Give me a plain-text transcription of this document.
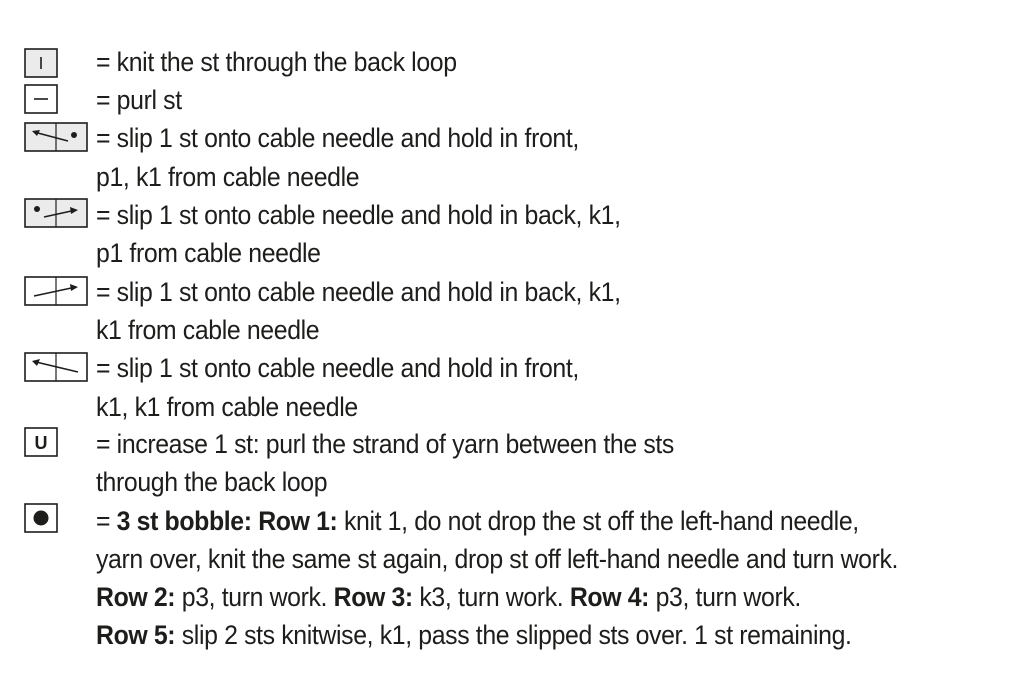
= knit the st through the back loop
= purl st
= slip 1 st onto cable needle and hold in front,
p1, k1 from cable needle
= slip 1 st onto cable needle and hold in back, k1,
p1 from cable needle
= slip 1 st onto cable needle and hold in back, k1,
k1 from cable needle
= slip 1 st onto cable needle and hold in front,
k1, k1 from cable needle
U = increase 1 st: purl the strand of yarn between the sts
through the back loop
= 3 st bobble: Row 1: knit 1, do not drop the st off the left-hand needle,
yarn over, knit the same st again, drop st off left-hand needle and turn work.
Row 2: p3, turn work. Row 3: k3, turn work. Row 4: p3, turn work.
Row 5: slip 2 sts knitwise, k1, pass the slipped sts over. 1 st remaining.
